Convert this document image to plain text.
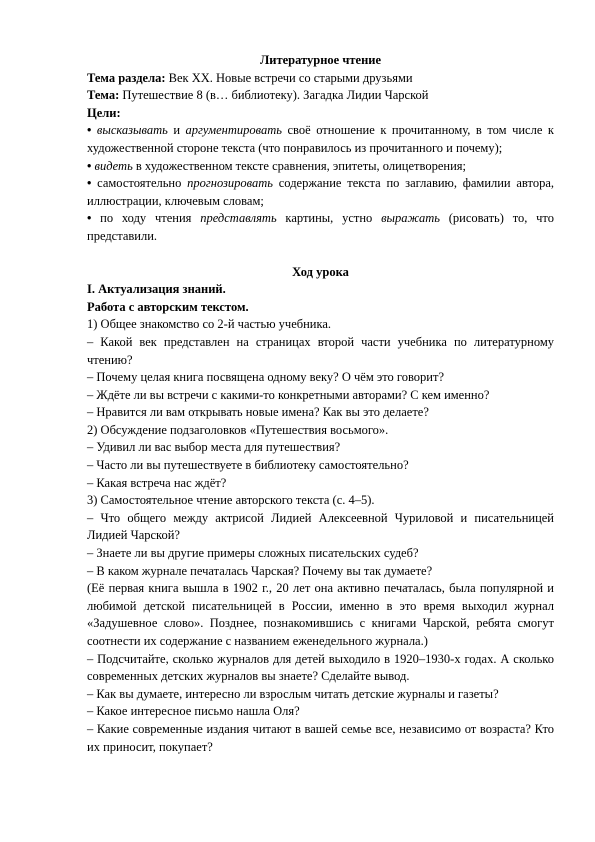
Литературное чтение

Тема раздела: Век XX. Новые встречи со старыми друзьями

Тема: Путешествие 8 (в… библиотеку). Загадка Лидии Чарской

Цели:

• высказывать и аргументировать своё отношение к прочитанному, в том числе к художественной стороне текста (что понравилось из прочитанного и почему);

• видеть в художественном тексте сравнения, эпитеты, олицетворения;

• самостоятельно прогнозировать содержание текста по заглавию, фамилии автора, иллюстрации, ключевым словам;

• по ходу чтения представлять картины, устно выражать (рисовать) то, что представили.

Ход урока

I. Актуализация знаний.

Работа с авторским текстом.

1) Общее знакомство со 2-й частью учебника.

– Какой век представлен на страницах второй части учебника по литературному чтению?

– Почему целая книга посвящена одному веку? О чём это говорит?

– Ждёте ли вы встречи с какими-то конкретными авторами? С кем именно?

– Нравится ли вам открывать новые имена? Как вы это делаете?

2) Обсуждение подзаголовков «Путешествия восьмого».

– Удивил ли вас выбор места для путешествия?

– Часто ли вы путешествуете в библиотеку самостоятельно?

– Какая встреча нас ждёт?

3) Самостоятельное чтение авторского текста (с. 4–5).

– Что общего между актрисой Лидией Алексеевной Чуриловой и писательницей Лидией Чарской?

– Знаете ли вы другие примеры сложных писательских судеб?

– В каком журнале печаталась Чарская? Почему вы так думаете?

(Её первая книга вышла в 1902 г., 20 лет она активно печаталась, была популярной и любимой детской писательницей в России, именно в это время выходил журнал «Задушевное слово». Позднее, познакомившись с книгами Чарской, ребята смогут соотнести их содержание с названием еженедельного журнала.)

– Подсчитайте, сколько журналов для детей выходило в 1920–1930-х годах. А сколько современных детских журналов вы знаете? Сделайте вывод.

– Как вы думаете, интересно ли взрослым читать детские журналы и газеты?

– Какое интересное письмо нашла Оля?

– Какие современные издания читают в вашей семье все, независимо от возраста? Кто их приносит, покупает?
